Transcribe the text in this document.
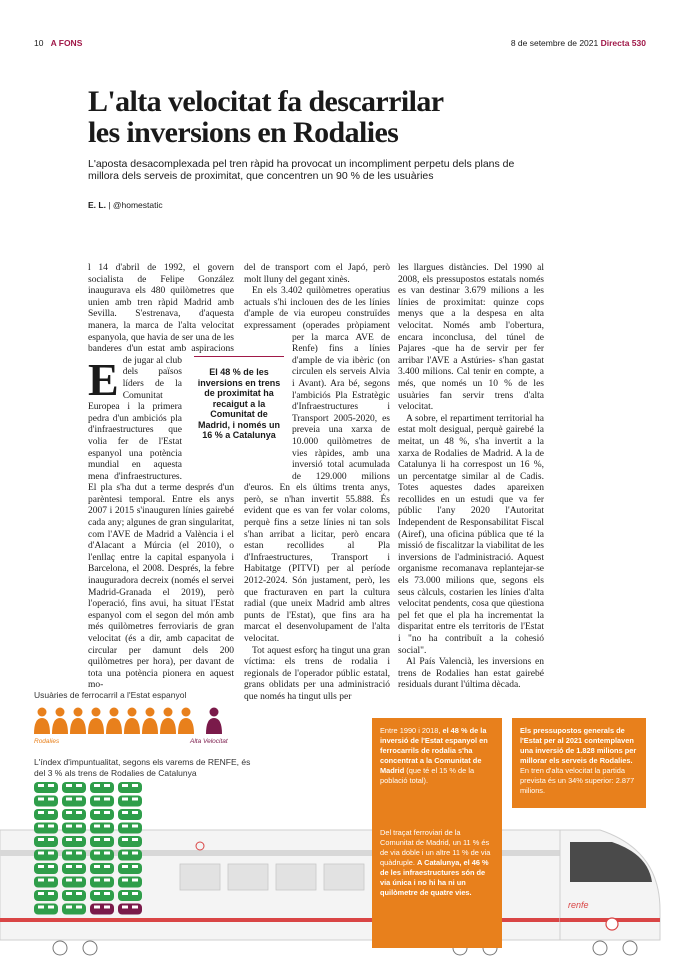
10 A FONS	8 de setembre de 2021 Directa 530
L'alta velocitat fa descarrilar
les inversions en Rodalies
L'aposta desacomplexada pel tren ràpid ha provocat un incompliment perpetu dels plans de millora dels serveis de proximitat, que concentren un 90 % de les usuàries
E. L. | @homestatic

E
l 14 d'abril de 1992, el govern socialista de Felipe González inaugurava els 480 quilòmetres que unien amb tren ràpid Madrid amb Sevilla. S'estrenava, d'aquesta manera, la marca de l'alta velocitat espanyola, que havia de ser una de les banderes d'un estat amb aspiracions de jugar al club dels països líders de la Comunitat Europea i la primera pedra d'un ambiciós pla d'infraestructures que volia fer de l'Estat espanyol una potència mundial en aquesta mena d'infraestructures. El pla s'ha dut a terme després d'un parèntesi temporal. Entre els anys 2007 i 2015 s'inauguren línies gairebé cada any; algunes de gran singularitat, com l'AVE de Madrid a València i el d'Alacant a Múrcia (el 2010), o l'enllaç entre la capital espanyola i Barcelona, el 2008. Després, la febre inauguradora decreix (només el servei Madrid-Granada el 2019), però l'operació, fins avui, ha situat l'Estat espanyol com el segon del món amb més quilòmetres ferroviaris de gran velocitat (és a dir, amb capacitat de circular per damunt dels 200 quilòmetres per hora), per davant de tota una potència pionera en aquest mo-

del de transport com el Japó, però molt lluny del gegant xinès.

En els 3.402 quilòmetres operatius actuals s'hi inclouen des de les línies d'ample de via europeu construïdes expressament (operades pròpiament per la marca AVE de Renfe) fins a línies d'ample de via ibèric (on circulen els serveis Alvia i Avant). Ara bé, segons l'ambiciós Pla Estratègic d'Infraestructures i Transport 2005-2020, es preveia una xarxa de 10.000 quilòmetres de vies ràpides, amb una inversió total acumulada de 129.000 milions d'euros. En els últims trenta anys, però, se n'han invertit 55.888. És evident que es van fer volar coloms, perquè fins a setze línies ni tan sols s'han arribat a licitar, però encara estan recollides al Pla d'Infraestructures, Transport i Habitatge (PITVI) per al període 2012-2024. Són justament, però, les que fracturaven en part la cultura radial (que uneix Madrid amb altres punts de l'Estat), que fins ara ha marcat el desenvolupament de l'alta velocitat.

Tot aquest esforç ha tingut una gran víctima: els trens de rodalia i regionals de l'operador públic estatal, grans oblidats per una administració que només ha tingut ulls per

El 48 % de les inversions en trens de proximitat ha recaigut a la Comunitat de Madrid, i només un 16 % a Catalunya

les llargues distàncies. Del 1990 al 2008, els pressupostos estatals només es van destinar 3.679 milions a les línies de proximitat: quinze cops menys que a la despesa en alta velocitat. Només amb l'obertura, encara inconclusa, del túnel de Pajares -que ha de servir per fer arribar l'AVE a Astúries- s'han gastat 3.400 milions. Cal tenir en compte, a més, que només un 10 % de les usuàries fan servir trens d'alta velocitat.

A sobre, el repartiment territorial ha estat molt desigual, perquè gairebé la meitat, un 48 %, s'ha invertit a la xarxa de Rodalies de Madrid. A la de Catalunya li ha correspost un 16 %, un percentatge similar al de Cadis. Totes aquestes dades apareixen recollides en un estudi que va fer públic l'any 2020 l'Autoritat Independent de Responsabilitat Fiscal (Airef), una oficina pública que té la missió de fiscalitzar la viabilitat de les inversions de l'administració. Aquest organisme recomanava replantejar-se els 73.000 milions que, segons els seus càlculs, costarien les línies d'alta velocitat pendents, cosa que qüestiona pel fet que el pla ha incrementat la disparitat entre els territoris de l'Estat i "no ha contribuït a la cohesió social".

Al País Valencià, les inversions en trens de Rodalies han estat gairebé residuals durant l'última dècada.

renfe
Usuàries de ferrocarril a l'Estat espanyol
Rodalies	Alta Velocitat
L'índex d'impuntualitat, segons els varems de RENFE, és del 3 % als trens de Rodalies de Catalunya
Entre 1990 i 2018, el 48 % de la inversió de l'Estat espanyol en ferrocarrils de rodalia s'ha concentrat a la Comunitat de Madrid (que té el 15 % de la població total).
Del traçat ferroviari de la Comunitat de Madrid, un 11 % és de via doble i un altre 11 % de via quàdruple. A Catalunya, el 46 % de les infraestructures són de via única i no hi ha ni un quilòmetre de quatre vies.
Els pressupostos generals de l'Estat per al 2021 contemplaven una inversió de 1.828 milions per millorar els serveis de Rodalies. En tren d'alta velocitat la partida prevista és un 34% superior: 2.877 milions.
